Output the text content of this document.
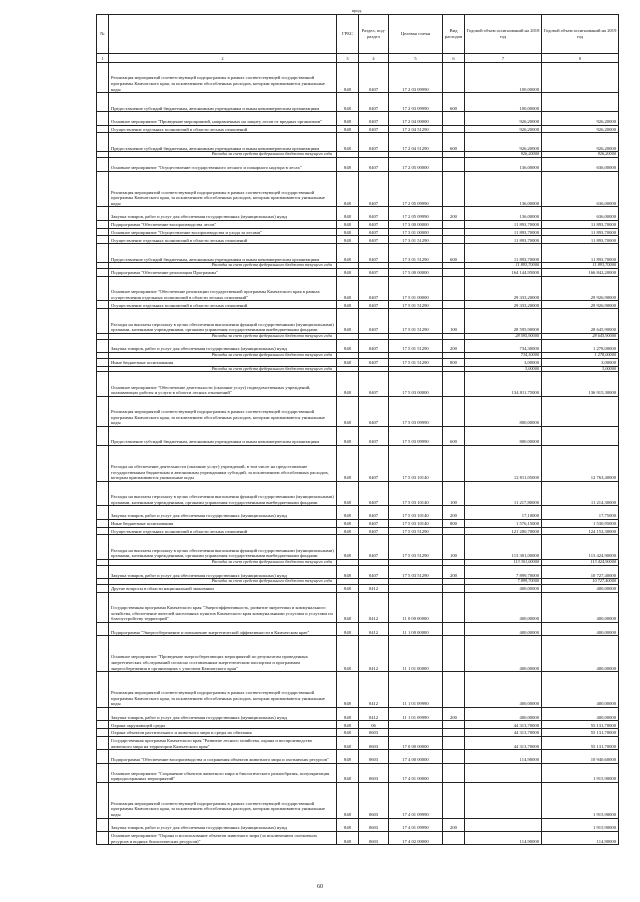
прод.
№		ГРБС	Раздел, под-раздел	Целевая статья	Вид расходов	Годовой объем ассигнований на 2018 год	Годовой объем ассигнований на 2019 год
1	2	3	4	5	6	7	8
	Реализация мероприятий соответствующей подпрограммы в рамках соответствующей государственной программы Камчатского края, за исключением обособленных расходов, которым присваиваются уникальные коды	848	0407	17 2 03 09990		100,00000	
	Предоставление субсидий бюджетным, автономным учреждениям и иным некоммерческим организациям	848	0407	17 2 03 09990	600	100,00000	
	Основное мероприятие "Проведение мероприятий, направленных на защиту лесов от вредных организмов"	848	0407	17 2 04 00000		926,20000	926,20000
	Осуществление отдельных полномочий в области лесных отношений	848	0407	17 2 04 51290		926,20000	926,20000
	Предоставление субсидий бюджетным, автономным учреждениям и иным некоммерческим организациям	848	0407	17 2 04 51290	600	926,20000	926,20000
	Расходы за счет средств федерального бюджета текущего года					926,20000	926,20000
	Основное мероприятие "Осуществление государственного лесного и пожарного надзора в лесах"	848	0407	17 2 05 00000		136,00000	636,00000
	Реализация мероприятий соответствующей подпрограммы в рамках соответствующей государственной программы Камчатского края, за исключением обособленных расходов, которым присваиваются уникальные коды	848	0407	17 2 05 09990		136,00000	636,00000
	Закупка товаров, работ и услуг для обеспечения государственных (муниципальных) нужд	848	0407	17 2 05 09990	200	136,00000	636,00000
	Подпрограмма "Обеспечение воспроизводства лесов"	848	0407	17 3 00 00000		11 893,70000	11 893,70000
	Основное мероприятие "Осуществление воспроизводства и ухода за лесами"	848	0407	17 3 01 00000		11 893,70000	11 893,70000
	Осуществление отдельных полномочий в области лесных отношений	848	0407	17 3 01 51290		11 893,70000	11 893,70000
	Предоставление субсидий бюджетным, автономным учреждениям и иным некоммерческим организациям	848	0407	17 3 01 51290	600	11 893,70000	11 893,70000
	Расходы за счет средств федерального бюджета текущего года					11 893,70000	11 893,70000
	Подпрограмма "Обеспечение реализации Программы"	848	0407	17 5 00 00000		164 144,95000	166 842,20000
	Основное мероприятие "Обеспечение реализации государственной программы Камчатского края в рамках осуществления отдельных полномочий в области лесных отношений"	848	0407	17 5 01 00000		29 333,20000	29 926,90000
	Осуществление отдельных полномочий в области лесных отношений	848	0407	17 5 01 51290		29 333,20000	29 926,90000
	Расходы на выплаты персоналу в целях обеспечения выполнения функций государственными (муниципальными) органами, казенными учреждениями, органами управления государственными внебюджетными фондами	848	0407	17 5 01 51290	100	28 595,90000	28 645,90000
	Расходы за счет средств федерального бюджета текущего года					28 595,90000	28 645,90000
	Закупка товаров, работ и услуг для обеспечения государственных (муниципальных) нужд	848	0407	17 5 01 51290	200	734,30000	1 278,00000
	Расходы за счет средств федерального бюджета текущего года					734,30000	1 278,00000
	Иные бюджетные ассигнования	848	0407	17 5 01 51290	800	3,00000	3,00000
	Расходы за счет средств федерального бюджета текущего года					3,00000	3,00000
	Основное мероприятие "Обеспечение деятельности (оказание услуг) подведомственных учреждений, оказывающих работы и услуги в области лесных отношений"	848	0407	17 5 03 00000		134 811,75000	136 915,30000
	Реализация мероприятий соответствующей подпрограммы в рамках соответствующей государственной программы Камчатского края, за исключением обособленных расходов, которым присваиваются уникальные коды	848	0407	17 5 03 09990		800,00000	
	Предоставление субсидий бюджетным, автономным учреждениям и иным некоммерческим организациям	848	0407	17 5 03 09990	600	800,00000	
	Расходы на обеспечение деятельности (оказание услуг) учреждений, в том числе на предоставление государственным бюджетным и автономным учреждениям субсидий, за исключением обособленных расходов, которым присваиваются уникальные коды	848	0407	17 5 03 10140		12 811,05000	12 763,40000
	Расходы на выплаты персоналу в целях обеспечения выполнения функций государственными (муниципальными) органами, казенными учреждениями, органами управления государственными внебюджетными фондами	848	0407	17 5 03 10140	100	11 217,80000	11 214,30000
	Закупка товаров, работ и услуг для обеспечения государственных (муниципальных) нужд	848	0407	17 5 03 10140	200	17,10000	17,75000
	Иные бюджетные ассигнования	848	0407	17 5 03 10140	800	1 576,15000	1 530,95000
	Осуществление отдельных полномочий в области лесных отношений	848	0407	17 5 03 51290		121 200,70000	124 152,30000
	Расходы на выплаты персоналу в целях обеспечения выполнения функций государственными (муниципальными) органами, казенными учреждениями, органами управления государственными внебюджетными фондами	848	0407	17 5 03 51290	100	113 301,00000	113 424,90000
	Расходы за счет средств федерального бюджета текущего года					113 301,00000	113 424,90000
	Закупка товаров, работ и услуг для обеспечения государственных (муниципальных) нужд	848	0407	17 5 03 51290	200	7 899,70000	10 727,40000
	Расходы за счет средств федерального бюджета текущего года					7 899,70000	10 727,40000
	Другие вопросы в области национальной экономики	848	0412			400,00000	400,00000
	Государственная программа Камчатского края "Энергоэффективность, развитие энергетики и коммунального хозяйства, обеспечение жителей населенных пунктов Камчатского края коммунальными услугами и услугами по благоустройству территорий"	848	0412	11 0 00 00000		400,00000	400,00000
	Подпрограмма "Энергосбережение и повышение энергетической эффективности в Камчатском крае"	848	0412	11 1 00 00000		400,00000	400,00000
	Основное мероприятие "Проведение энергосберегающих мероприятий по результатам проведенных энергетических обследований согласно составленным энергетическим паспортам и программам энергосбережения в организациях с участием Камчатского края"	848	0412	11 1 01 00000		400,00000	400,00000
	Реализация мероприятий соответствующей подпрограммы в рамках соответствующей государственной программы Камчатского края, за исключением обособленных расходов, которым присваиваются уникальные коды	848	0412	11 1 01 09990		400,00000	400,00000
	Закупка товаров, работ и услуг для обеспечения государственных (муниципальных) нужд	848	0412	11 1 01 09990	200	400,00000	400,00000
	Охрана окружающей среды	848	06			44 313,70000	55 131,70000
	Охрана объектов растительного и животного мира и среды их обитания	848	0603			44 313,70000	55 131,70000
	Государственная программа Камчатского края "Развитие лесного хозяйства, охрана и воспроизводство животного мира на территории Камчатского края"	848	0603	17 0 00 00000		44 313,70000	55 131,70000
	Подпрограмма "Обеспечение воспроизводства и сохранения объектов животного мира и охотничьих ресурсов"	848	0603	17 4 00 00000		114,90000	10 940,60000
	Основное мероприятие "Сохранение объектов животного мира и биологического разнообразия, популяризация природоохранных мероприятий"	848	0603	17 4 01 00000			1 915,90000
	Реализация мероприятий соответствующей подпрограммы в рамках соответствующей государственной программы Камчатского края, за исключением обособленных расходов, которым присваиваются уникальные коды	848	0603	17 4 01 09990			1 915,90000
	Закупка товаров, работ и услуг для обеспечения государственных (муниципальных) нужд	848	0603	17 4 01 09990	200		1 915,90000
	Основное мероприятие "Охрана и использование объектов животного мира (за исключением охотничьих ресурсов и водных биологических ресурсов)"	848	0603	17 4 02 00000		114,90000	114,90000
60
